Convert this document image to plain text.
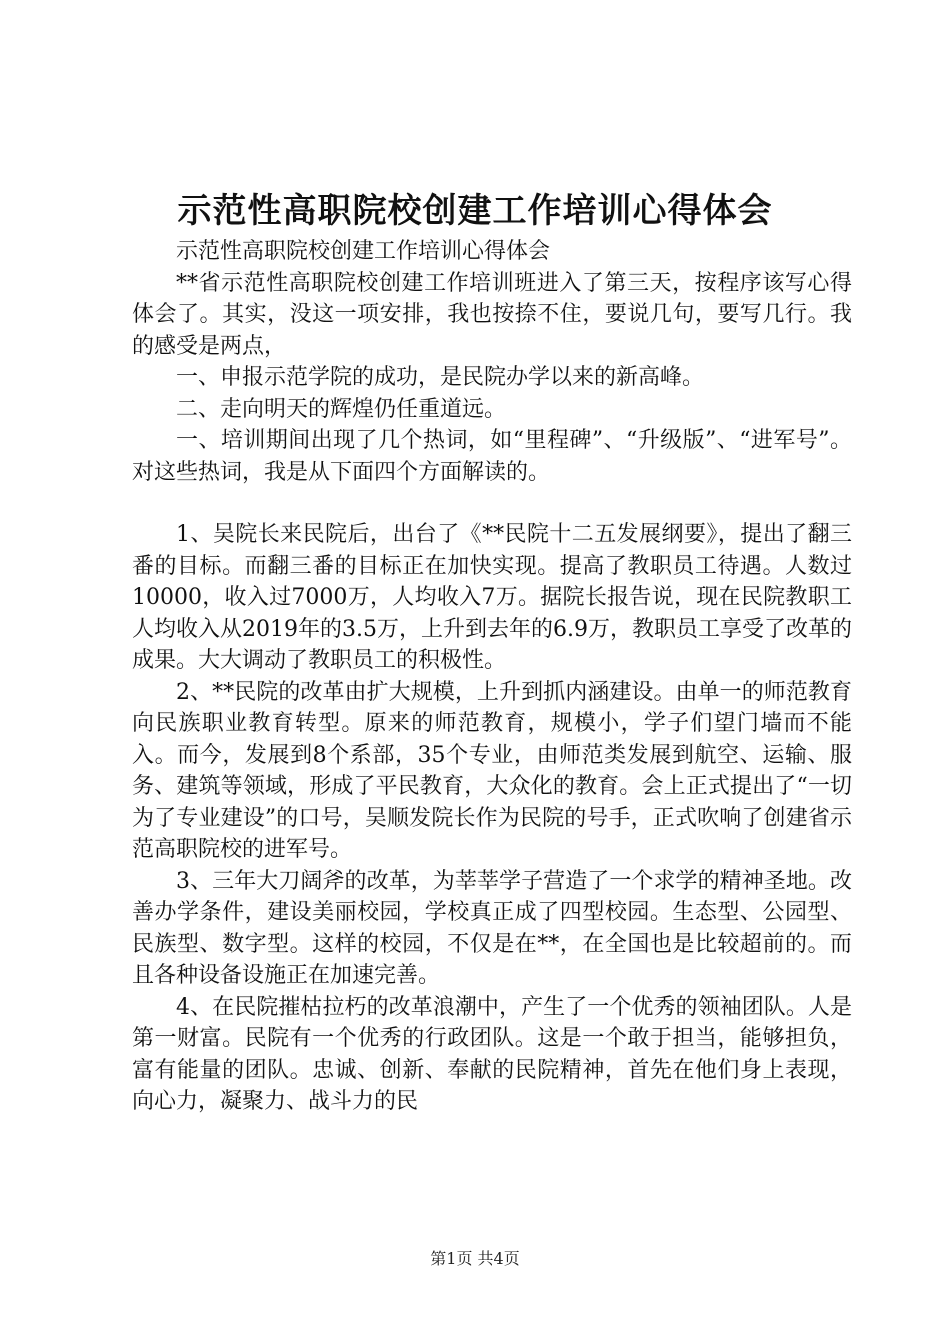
示范性高职院校创建工作培训心得体会

示范性高职院校创建工作培训心得体会

**省示范性高职院校创建工作培训班进入了第三天，按程序该写心得体会了。其实，没这一项安排，我也按捺不住，要说几句，要写几行。我的感受是两点，

一、申报示范学院的成功，是民院办学以来的新高峰。

二、走向明天的辉煌仍任重道远。

一、培训期间出现了几个热词，如“里程碑”、“升级版”、“进军号”。对这些热词，我是从下面四个方面解读的。

1、吴院长来民院后，出台了《**民院十二五发展纲要》，提出了翻三番的目标。而翻三番的目标正在加快实现。提高了教职员工待遇。人数过10000，收入过7000万，人均收入7万。据院长报告说，现在民院教职工人均收入从2019年的3.5万，上升到去年的6.9万，教职员工享受了改革的成果。大大调动了教职员工的积极性。

2、**民院的改革由扩大规模，上升到抓内涵建设。由单一的师范教育向民族职业教育转型。原来的师范教育，规模小，学子们望门墙而不能入。而今，发展到8个系部，35个专业，由师范类发展到航空、运输、服务、建筑等领域，形成了平民教育，大众化的教育。会上正式提出了“一切为了专业建设”的口号，吴顺发院长作为民院的号手，正式吹响了创建省示范高职院校的进军号。

3、三年大刀阔斧的改革，为莘莘学子营造了一个求学的精神圣地。改善办学条件，建设美丽校园，学校真正成了四型校园。生态型、公园型、民族型、数字型。这样的校园，不仅是在**，在全国也是比较超前的。而且各种设备设施正在加速完善。

4、在民院摧枯拉朽的改革浪潮中，产生了一个优秀的领袖团队。人是第一财富。民院有一个优秀的行政团队。这是一个敢于担当，能够担负，富有能量的团队。忠诚、创新、奉献的民院精神，首先在他们身上表现，向心力，凝聚力、战斗力的民

第1页 共4页
